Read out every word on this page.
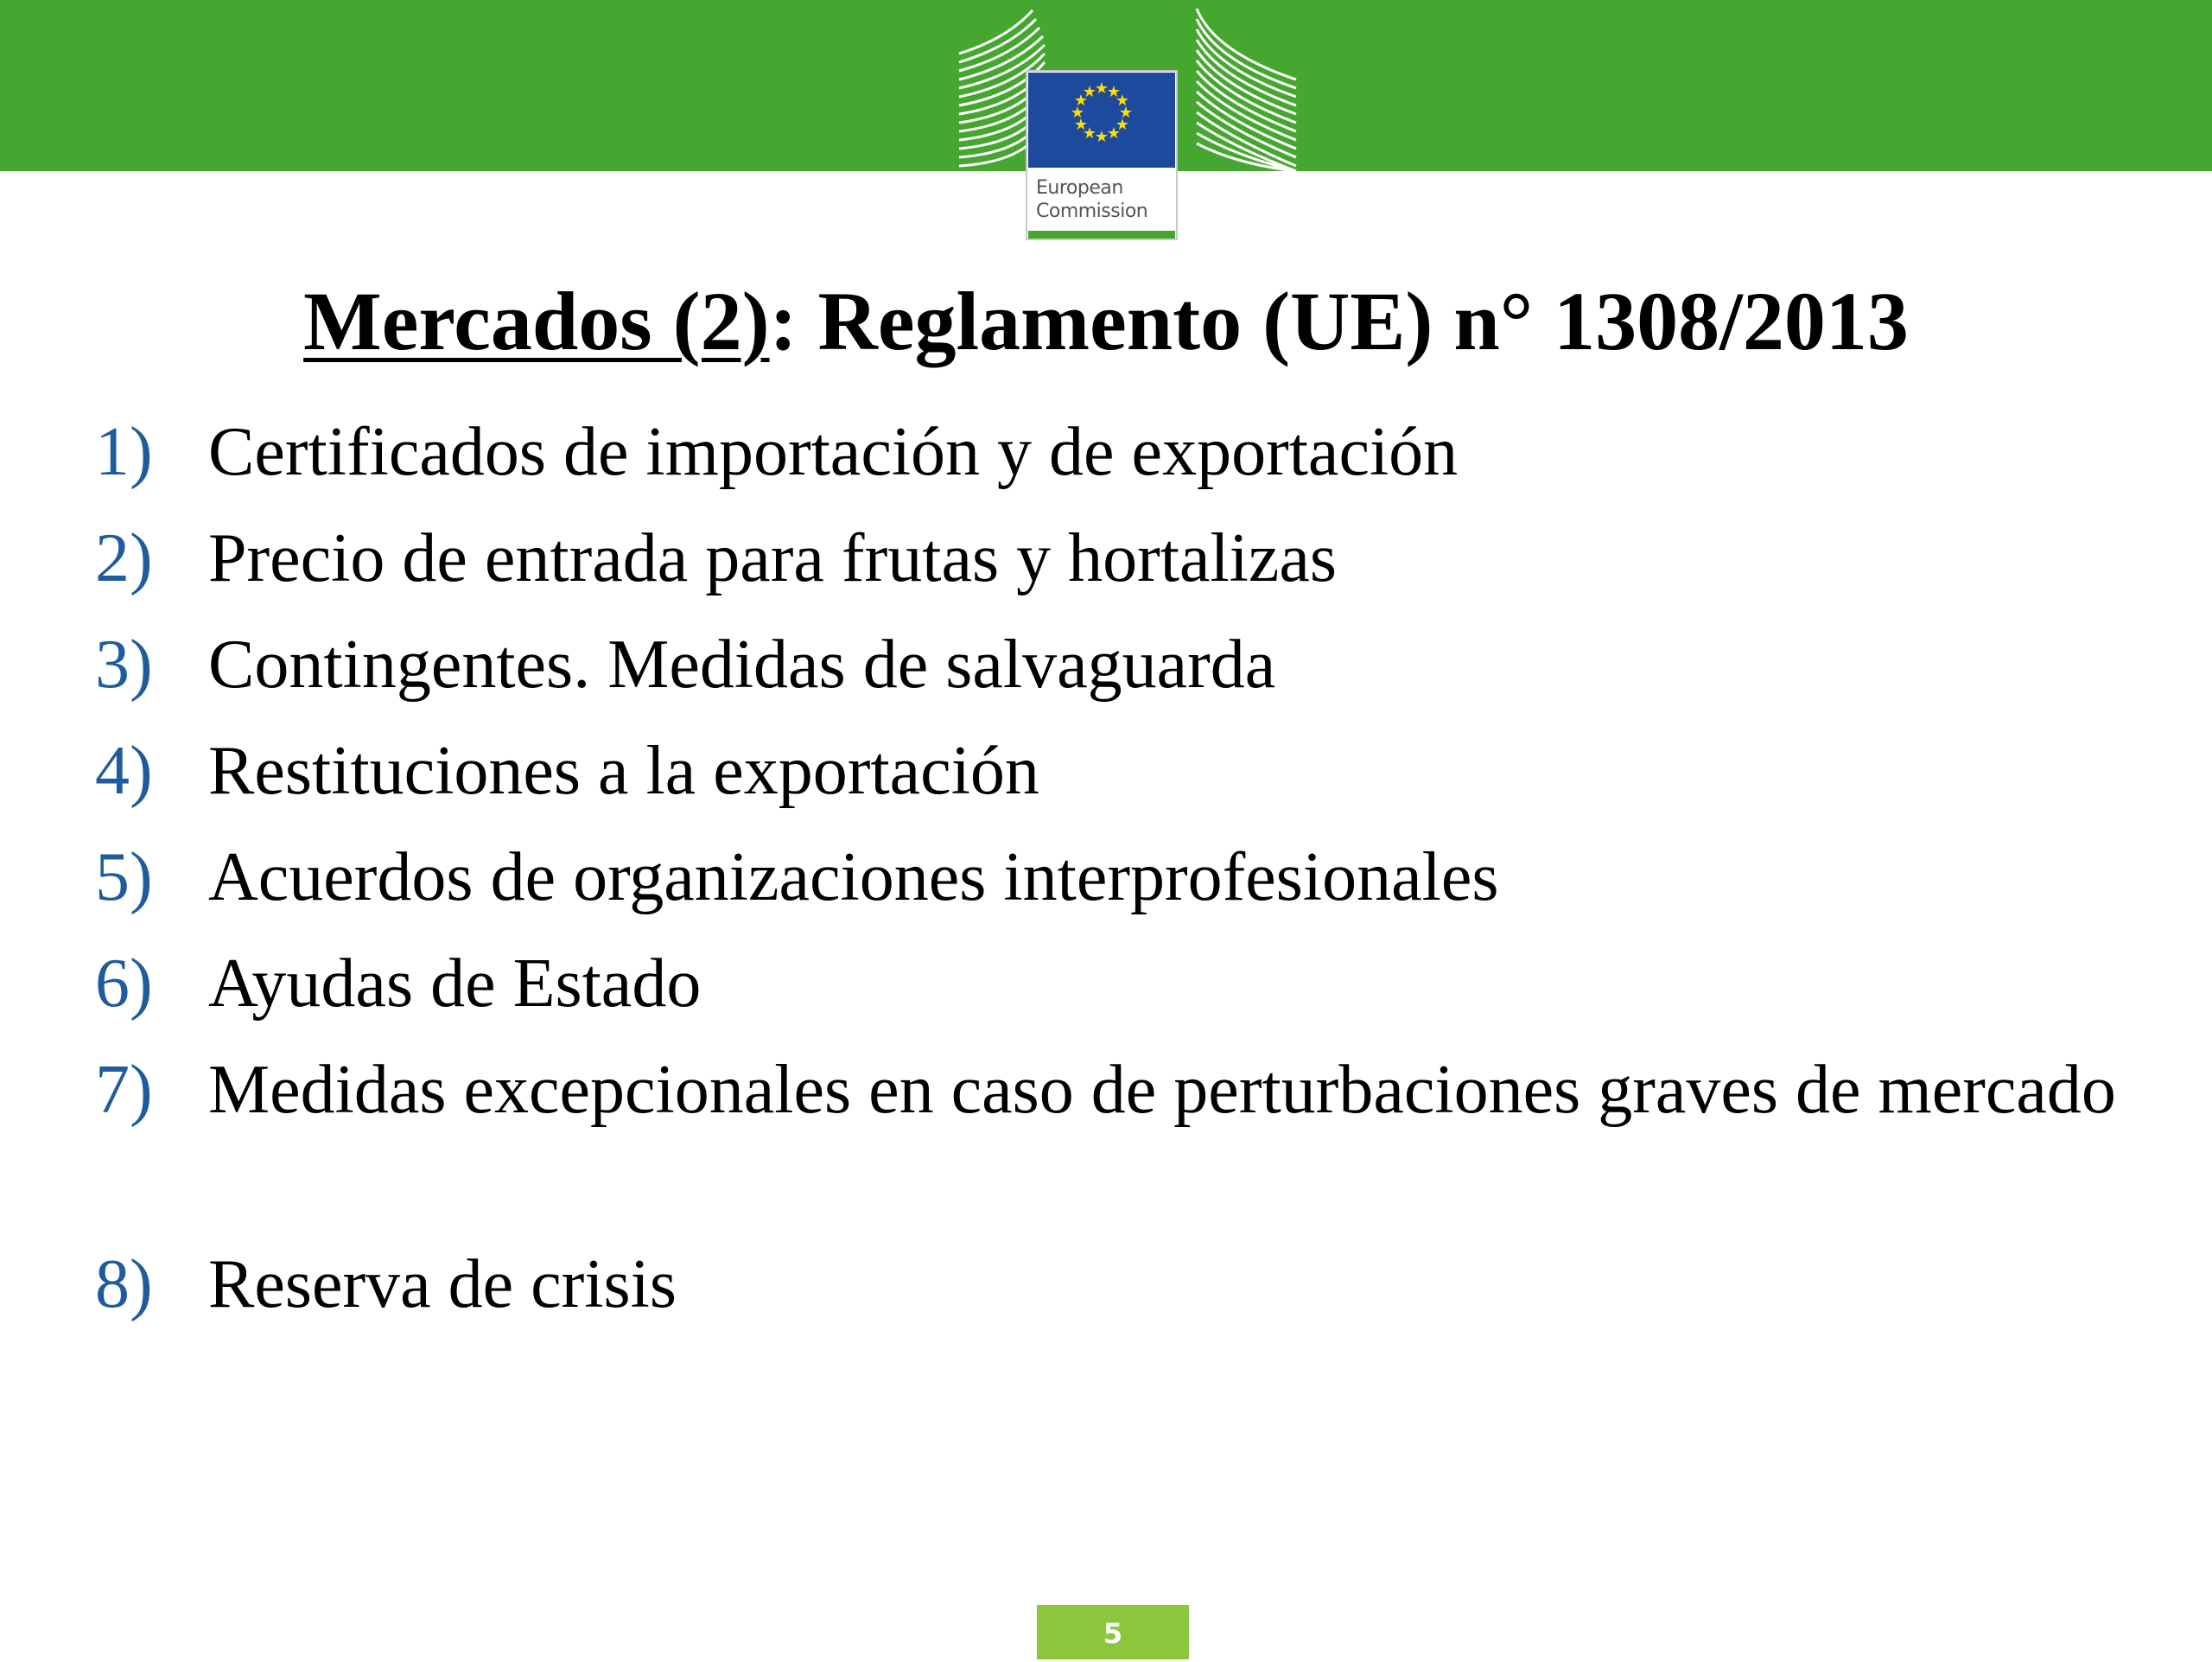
★
★
★
★
★
★
★
★
★
★
★
★
European
Commission
Mercados (2): Reglamento (UE) n° 1308/2013
1) Certificados de importación y de exportación
2) Precio de entrada para frutas y hortalizas
3) Contingentes. Medidas de salvaguarda
4) Restituciones a la exportación
5) Acuerdos de organizaciones interprofesionales
6) Ayudas de Estado
7) Medidas excepcionales en caso de perturbaciones graves de mercado
8) Reserva de crisis
5
